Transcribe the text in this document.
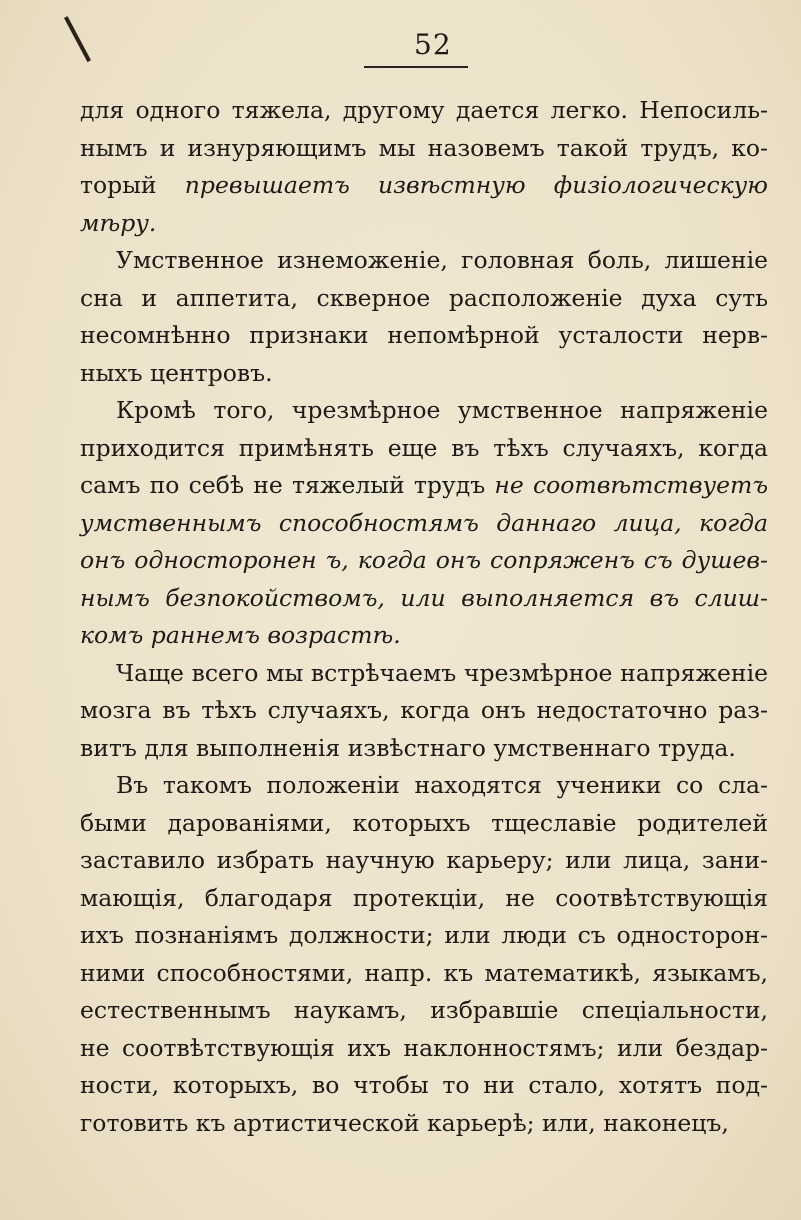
52
для одного тяжела, другому дается легко. Непосиль-
нымъ и изнуряющимъ мы назовемъ такой трудъ, ко-
торый превышаетъ извѣстную физіологическую
мѣру.
Умственное изнеможеніе, головная боль, лишеніе
сна и аппетита, скверное расположеніе духа суть
несомнѣнно признаки непомѣрной усталости нерв-
ныхъ центровъ.
Кромѣ того, чрезмѣрное умственное напряженіе
приходится примѣнять еще въ тѣхъ случаяхъ, когда
самъ по себѣ не тяжелый трудъ не соотвѣтствуетъ
умственнымъ способностямъ даннаго лица, когда
онъ односторонен ъ, когда онъ сопряженъ съ душев-
нымъ безпокойствомъ, или выполняется въ слиш-
комъ раннемъ возрастѣ.
Чаще всего мы встрѣчаемъ чрезмѣрное напряженіе
мозга въ тѣхъ случаяхъ, когда онъ недостаточно раз-
витъ для выполненія извѣстнаго умственнаго труда.
Въ такомъ положеніи находятся ученики со сла-
быми дарованіями, которыхъ тщеславіе родителей
заставило избрать научную карьеру; или лица, зани-
мающія, благодаря протекціи, не соотвѣтствующія
ихъ познаніямъ должности; или люди съ односторон-
ними способностями, напр. къ математикѣ, языкамъ,
естественнымъ наукамъ, избравшіе спеціальности,
не соотвѣтствующія ихъ наклонностямъ; или бездар-
ности, которыхъ, во чтобы то ни стало, хотятъ под-
готовить къ артистической карьерѣ; или, наконецъ,
